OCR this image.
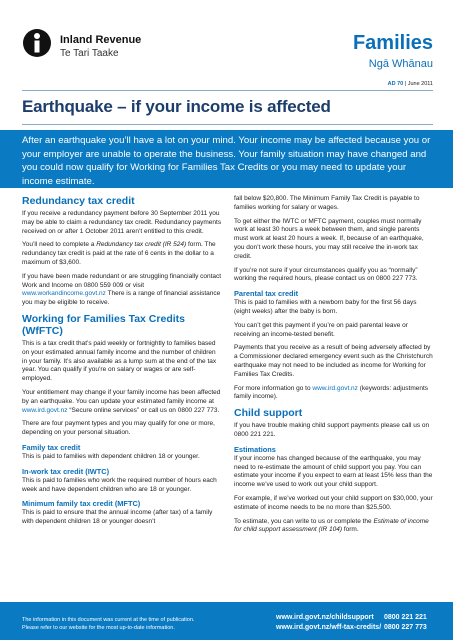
Inland Revenue
Te Tari Taake	Families
Ngā Whānau
AD 70 | June 2011
Earthquake – if your income is affected

After an earthquake you’ll have a lot on your mind. Your income may be affected because you or your employer are unable to operate the business. Your family situation may have changed and you could now qualify for Working for Families Tax Credits or you may need to update your income estimate.

Redundancy tax credit

If you receive a redundancy payment before 30 September 2011 you may be able to claim a redundancy tax credit. Redundancy payments received on or after 1 October 2011 aren’t entitled to this credit.

You’ll need to complete a Redundancy tax credit (IR 524) form. The redundancy tax credit is paid at the rate of 6 cents in the dollar to a maximum of $3,600.

If you have been made redundant or are struggling financially contact Work and Income on 0800 559 009 or visit www.workandincome.govt.nz There is a range of financial assistance you may be eligible to receive.

Working for Families Tax Credits (WfFTC)

This is a tax credit that’s paid weekly or fortnightly to families based on your estimated annual family income and the number of children in your family. It’s also available as a lump sum at the end of the tax year. You can qualify if you’re on salary or wages or are self-employed.

Your entitlement may change if your family income has been affected by an earthquake. You can update your estimated family income at www.ird.govt.nz “Secure online services” or call us on 0800 227 773.

There are four payment types and you may qualify for one or more, depending on your personal situation.

Family tax credit

This is paid to families with dependent children 18 or younger.

In-work tax credit (IWTC)

This is paid to families who work the required number of hours each week and have dependent children who are 18 or younger.

Minimum family tax credit (MFTC)

This is paid to ensure that the annual income (after tax) of a family with dependent children 18 or younger doesn’t

fall below $20,800. The Minimum Family Tax Credit is payable to families working for salary or wages.

To get either the IWTC or MFTC payment, couples must normally work at least 30 hours a week between them, and single parents must work at least 20 hours a week. If, because of an earthquake, you don’t work these hours, you may still receive the in-work tax credit.

If you’re not sure if your circumstances qualify you as “normally” working the required hours, please contact us on 0800 227 773.

Parental tax credit

This is paid to families with a newborn baby for the first 56 days (eight weeks) after the baby is born.

You can’t get this payment if you’re on paid parental leave or receiving an income-tested benefit.

Payments that you receive as a result of being adversely affected by a Commissioner declared emergency event such as the Christchurch earthquake may not need to be included as income for Working for Families Tax Credits.

For more information go to www.ird.govt.nz (keywords: adjustments family income).

Child support

If you have trouble making child support payments please call us on 0800 221 221.

Estimations

If your income has changed because of the earthquake, you may need to re-estimate the amount of child support you pay. You can estimate your income if you expect to earn at least 15% less than the income we’ve used to work out your child support.

For example, if we’ve worked out your child support on $30,000, your estimate of income needs to be no more than $25,500.

To estimate, you can write to us or complete the Estimate of income for child support assessment (IR 104) form.

The information in this document was current at the time of publication.
Please refer to our website for the most up-to-date information.
www.ird.govt.nz/childsupport
www.ird.govt.nz/wff-tax-credits/
0800 221 221
0800 227 773
